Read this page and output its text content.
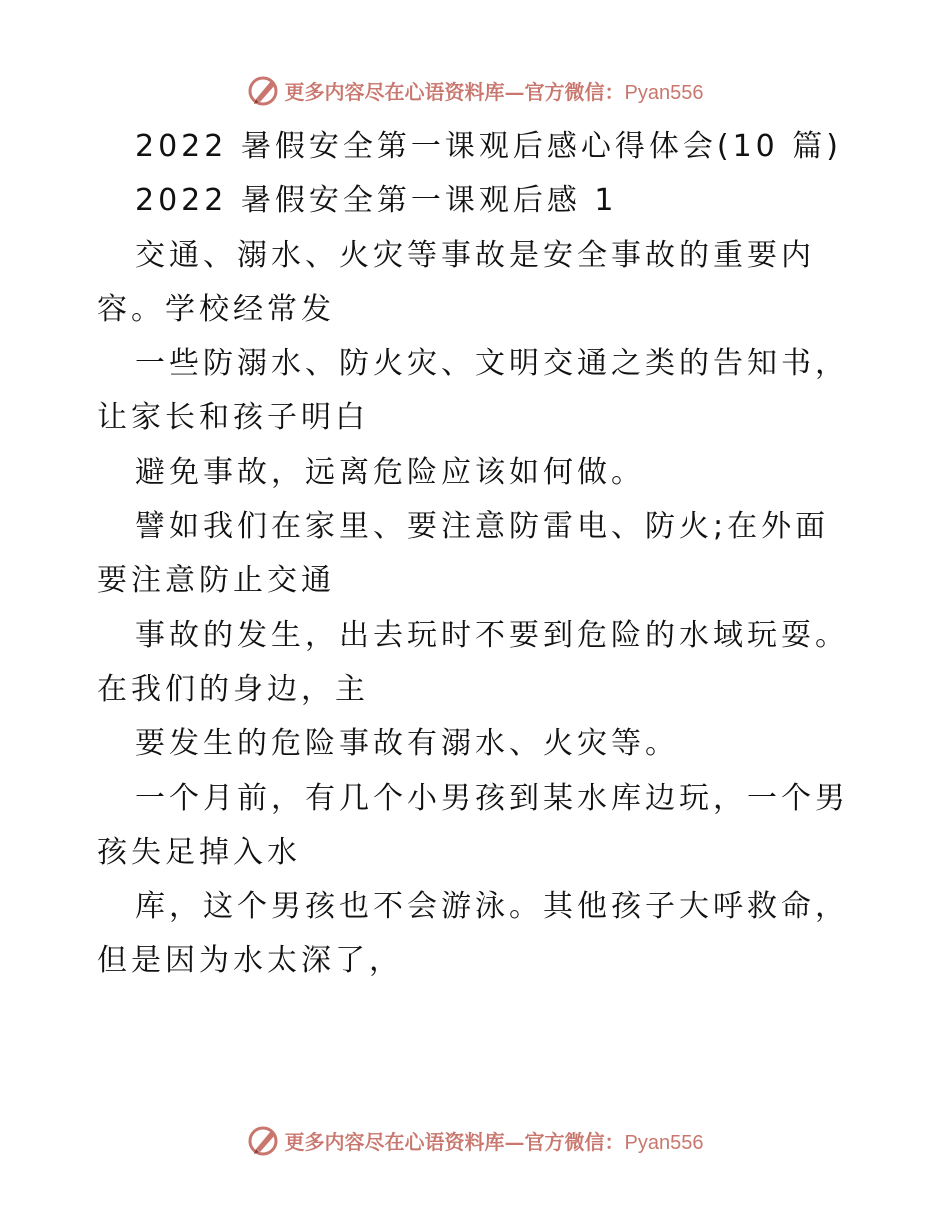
更多内容尽在心语资料库—官方微信：Pyan556
2022 暑假安全第一课观后感心得体会(10 篇)
2022 暑假安全第一课观后感 1
交通、溺水、火灾等事故是安全事故的重要内
容。学校经常发
一些防溺水、防火灾、文明交通之类的告知书，
让家长和孩子明白
避免事故，远离危险应该如何做。
譬如我们在家里、要注意防雷电、防火;在外面
要注意防止交通
事故的发生，出去玩时不要到危险的水域玩耍。
在我们的身边，主
要发生的危险事故有溺水、火灾等。
一个月前，有几个小男孩到某水库边玩，一个男
孩失足掉入水
库，这个男孩也不会游泳。其他孩子大呼救命，
但是因为水太深了，
更多内容尽在心语资料库—官方微信：Pyan556
